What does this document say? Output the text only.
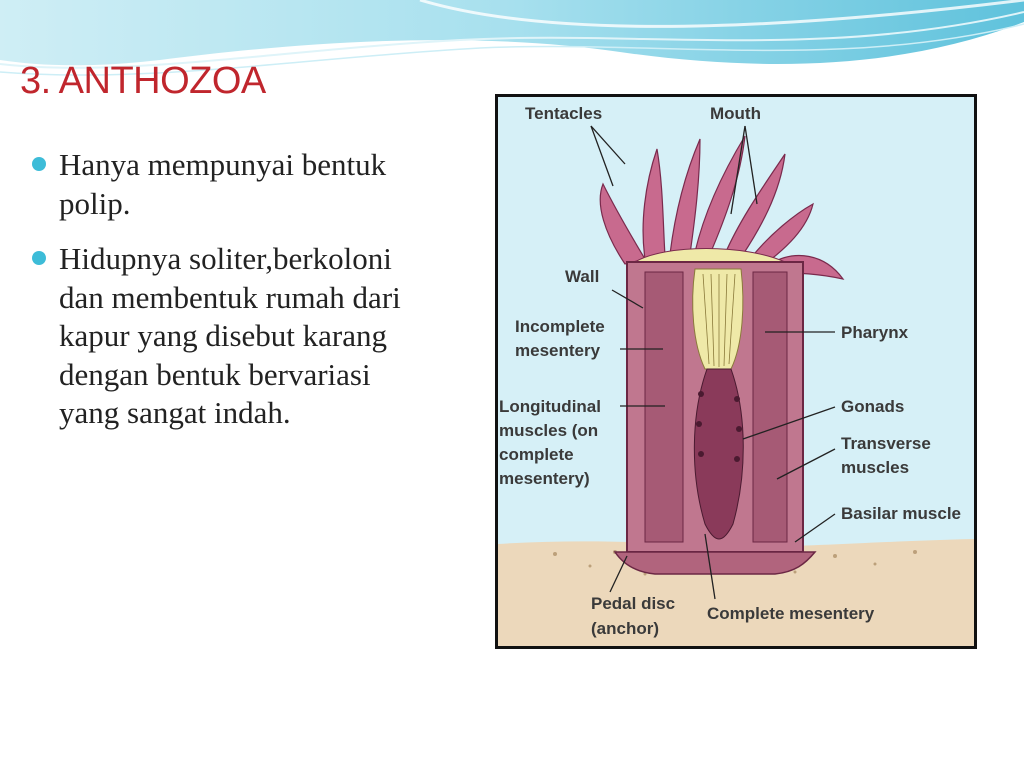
3. ANTHOZOA
Hanya mempunyai bentuk polip.
Hidupnya soliter,berkoloni dan membentuk rumah dari kapur yang disebut karang dengan bentuk bervariasi yang sangat indah.
Tentacles	Mouth
Wall
Incomplete
mesentery
Pharynx
Longitudinal
muscles (on
complete
mesentery)
Gonads
Transverse
muscles
Basilar muscle
Pedal disc
(anchor)
Complete mesentery
